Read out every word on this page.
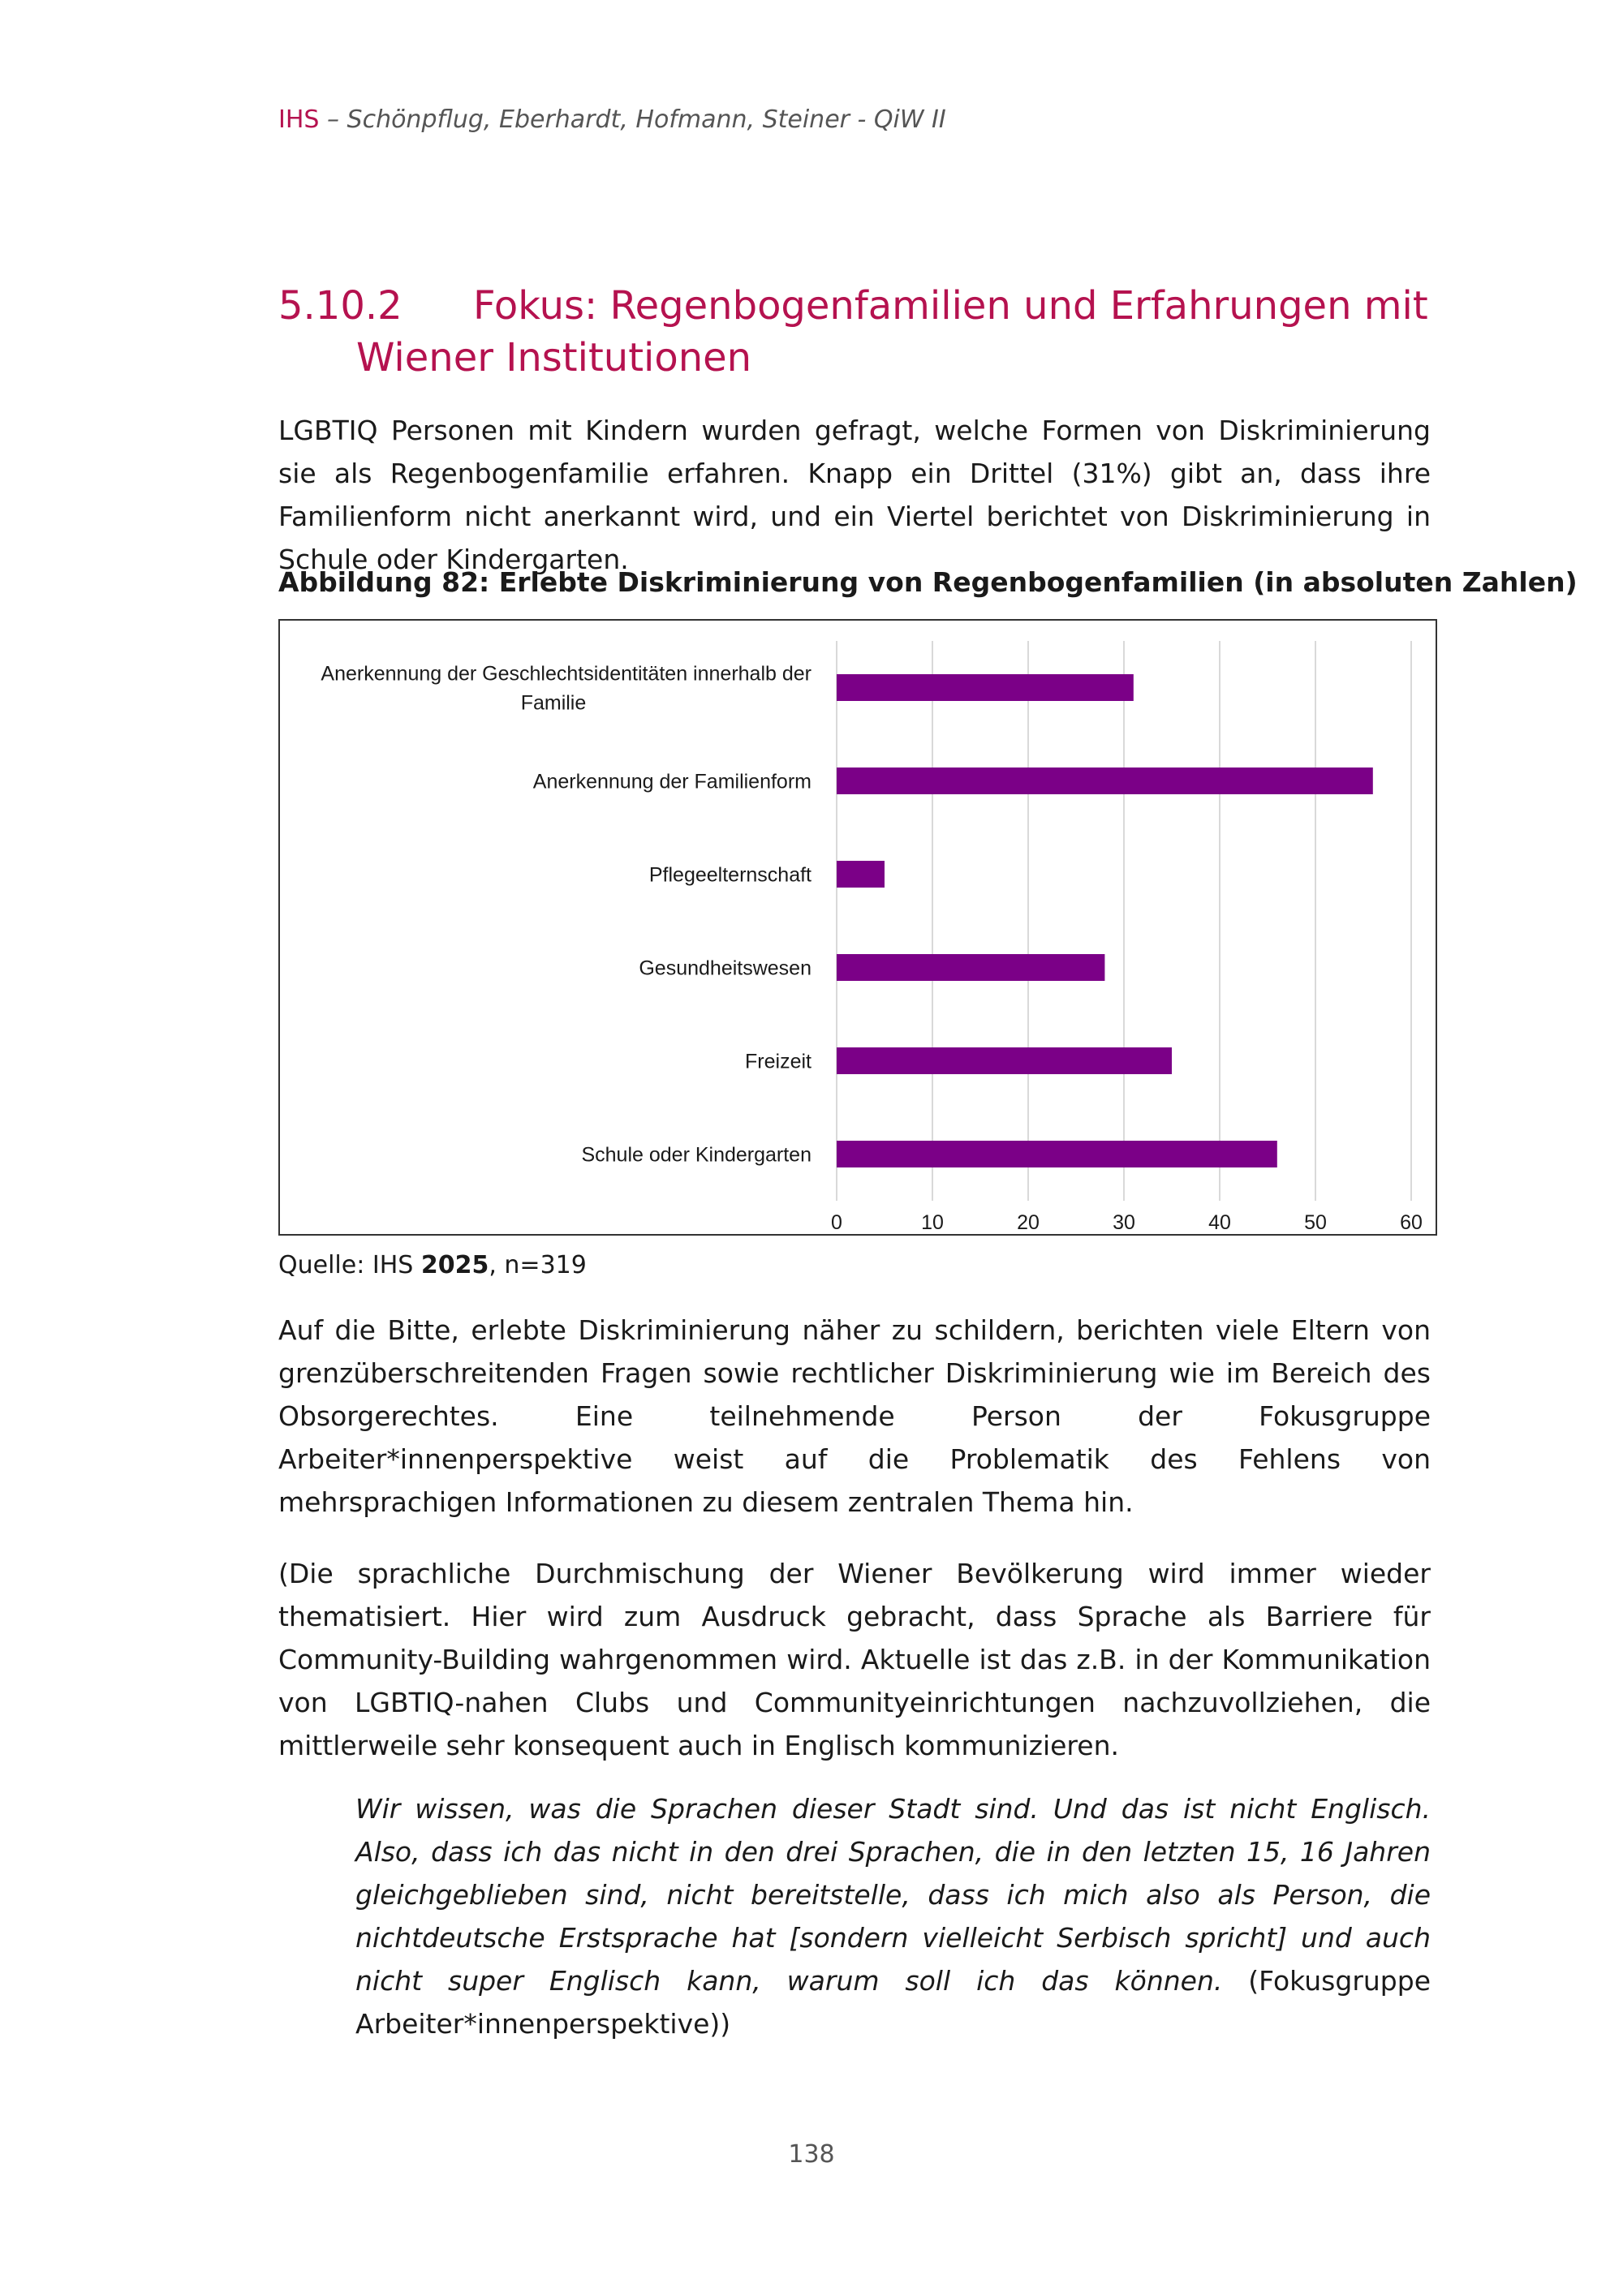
IHS – Schönpflug, Eberhardt, Hofmann, Steiner - QiW II
5.10.2 Fokus: Regenbogenfamilien und Erfahrungen mit
Wiener Institutionen

LGBTIQ Personen mit Kindern wurden gefragt, welche Formen von Diskriminierung sie als Regenbogenfamilie erfahren. Knapp ein Drittel (31%) gibt an, dass ihre Familienform nicht anerkannt wird, und ein Viertel berichtet von Diskriminierung in Schule oder Kindergarten.

Abbildung 82: Erlebte Diskriminierung von Regenbogenfamilien (in absoluten Zahlen)
Anerkennung der Geschlechtsidentitäten innerhalb der
Familie
Anerkennung der Familienform
Pflegeelternschaft
Gesundheitswesen
Freizeit
Schule oder Kindergarten
0	10	20	30	40	50	60
Quelle: IHS 2025, n=319

Auf die Bitte, erlebte Diskriminierung näher zu schildern, berichten viele Eltern von grenzüberschreitenden Fragen sowie rechtlicher Diskriminierung wie im Bereich des Obsorgerechtes. Eine teilnehmende Person der Fokusgruppe Arbeiter*innenperspektive weist auf die Problematik des Fehlens von mehrsprachigen Informationen zu diesem zentralen Thema hin.

(Die sprachliche Durchmischung der Wiener Bevölkerung wird immer wieder thematisiert. Hier wird zum Ausdruck gebracht, dass Sprache als Barriere für Community-Building wahrgenommen wird. Aktuelle ist das z.B. in der Kommunikation von LGBTIQ-nahen Clubs und Communityeinrichtungen nachzuvollziehen, die mittlerweile sehr konsequent auch in Englisch kommunizieren.

Wir wissen, was die Sprachen dieser Stadt sind. Und das ist nicht Englisch. Also, dass ich das nicht in den drei Sprachen, die in den letzten 15, 16 Jahren gleichgeblieben sind, nicht bereitstelle, dass ich mich also als Person, die nichtdeutsche Erstsprache hat [sondern vielleicht Serbisch spricht] und auch nicht super Englisch kann, warum soll ich das können. (Fokusgruppe Arbeiter*innenperspektive))

138
